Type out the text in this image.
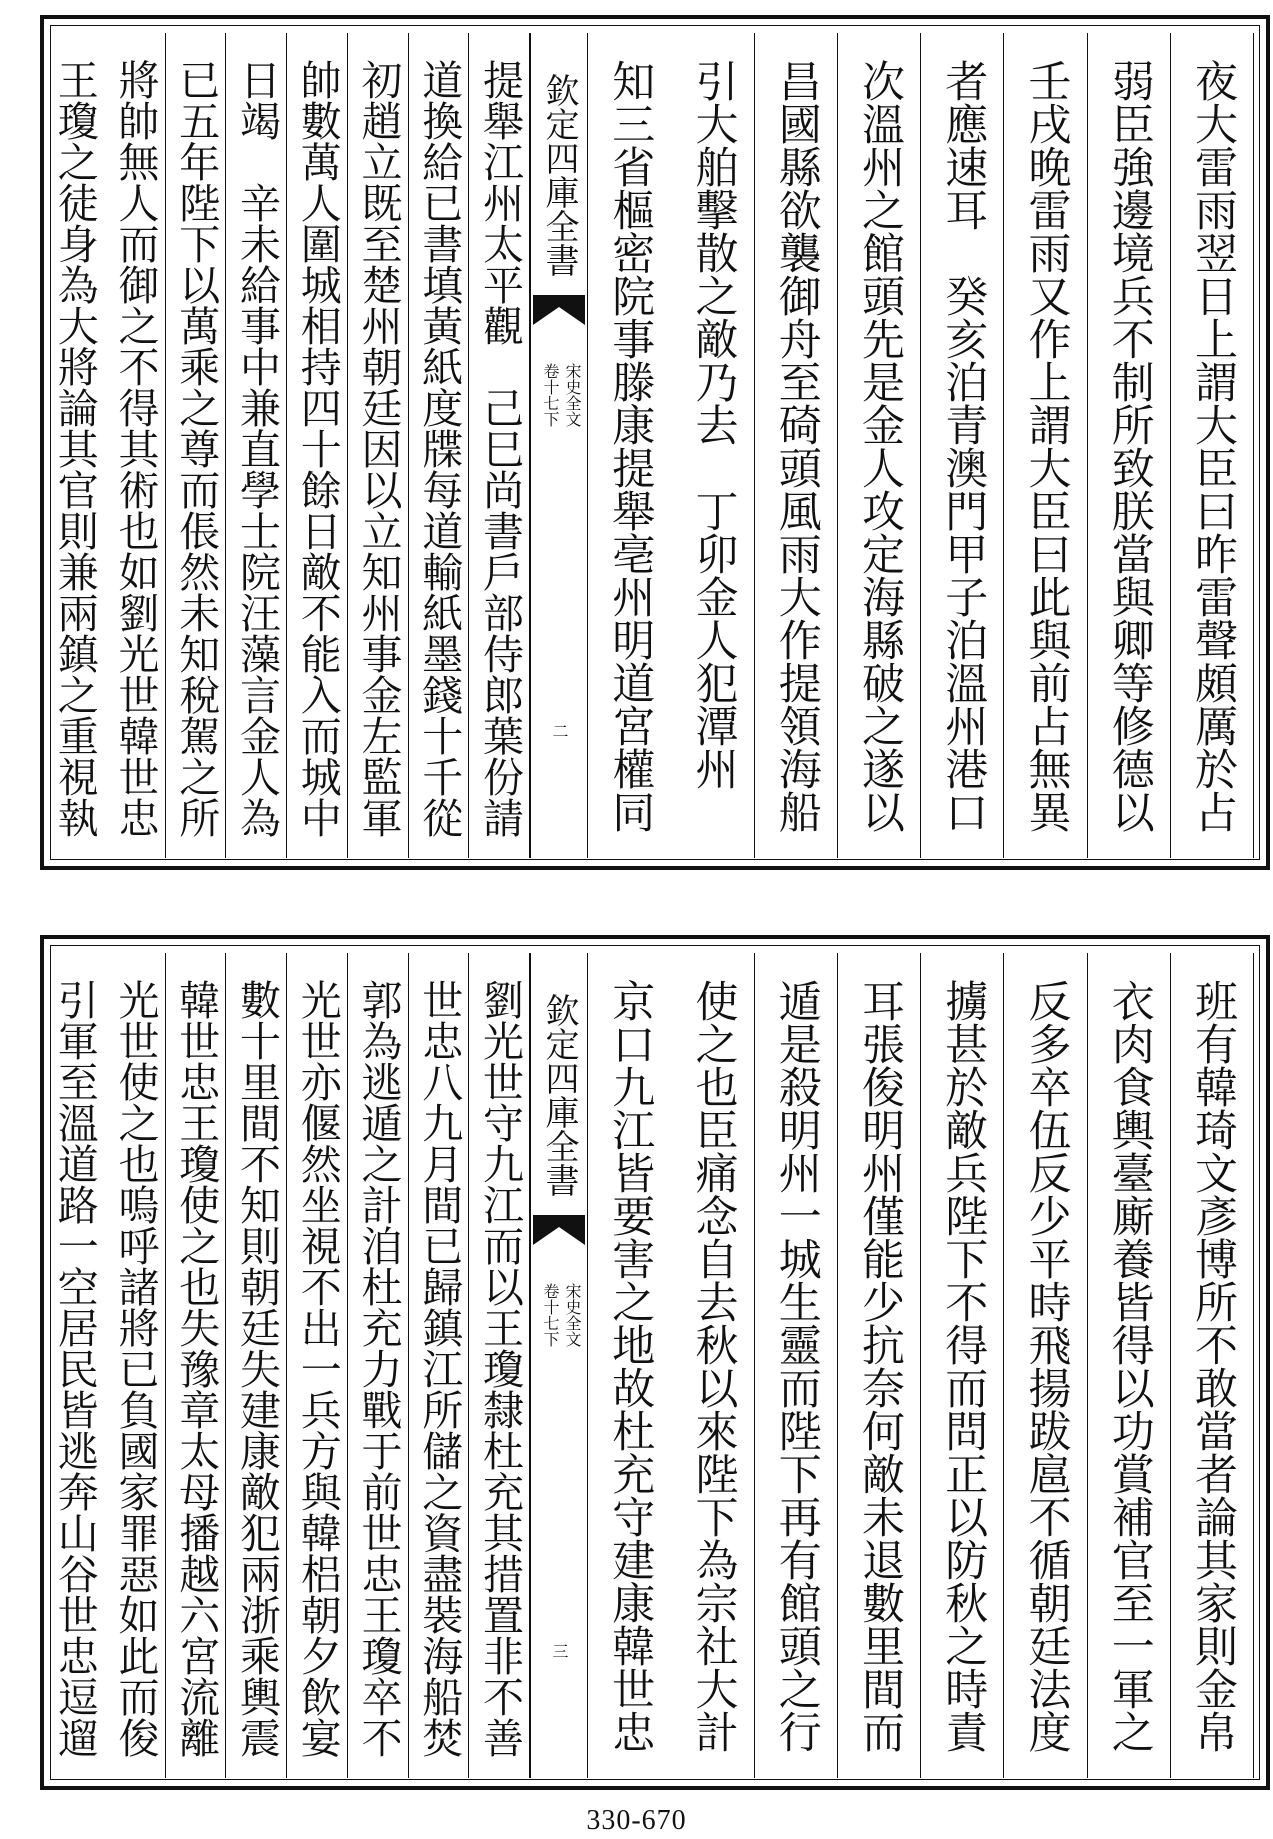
夜大雷雨翌日上謂大臣曰昨雷聲頗厲於占
弱臣強邊境兵不制所致朕當與卿等修德以
壬戌晚雷雨又作上謂大臣曰此與前占無異
者應速耳　癸亥泊青澳門甲子泊溫州港口
次溫州之館頭先是金人攻定海縣破之遂以
昌國縣欲襲御舟至碕頭風雨大作提領海船
引大舶擊散之敵乃去　丁卯金人犯潭州　
知三省樞密院事滕康提舉亳州明道宮權同
欽定四庫全書
宋史全文
卷十七下
二
提舉江州太平觀　己巳尚書戶部侍郎葉份請
道換給已書填黃紙度牒每道輸紙墨錢十千從
初趙立既至楚州朝廷因以立知州事金左監軍
帥數萬人圍城相持四十餘日敵不能入而城中
日竭　辛未給事中兼直學士院汪藻言金人為
已五年陛下以萬乘之尊而倀然未知稅駕之所
將帥無人而御之不得其術也如劉光世韓世忠
王瓊之徒身為大將論其官則兼兩鎮之重視執
班有韓琦文彥博所不敢當者論其家則金帛
衣肉食輿臺廝養皆得以功賞補官至一軍之
反多卒伍反少平時飛揚跋扈不循朝廷法度
擄甚於敵兵陛下不得而問正以防秋之時責
耳張俊明州僅能少抗奈何敵未退數里間而
遁是殺明州一城生靈而陛下再有館頭之行
使之也臣痛念自去秋以來陛下為宗社大計
京口九江皆要害之地故杜充守建康韓世忠
欽定四庫全書
宋史全文
卷十七下
三
劉光世守九江而以王瓊隸杜充其措置非不善
世忠八九月間已歸鎮江所儲之資盡裝海船焚
郭為逃遁之計洎杜充力戰于前世忠王瓊卒不
光世亦偃然坐視不出一兵方與韓梠朝夕飲宴
數十里間不知則朝廷失建康敵犯兩浙乘輿震
韓世忠王瓊使之也失豫章太母播越六宮流離
光世使之也嗚呼諸將已負國家罪惡如此而俊
引軍至溫道路一空居民皆逃奔山谷世忠逗遛
330-670
